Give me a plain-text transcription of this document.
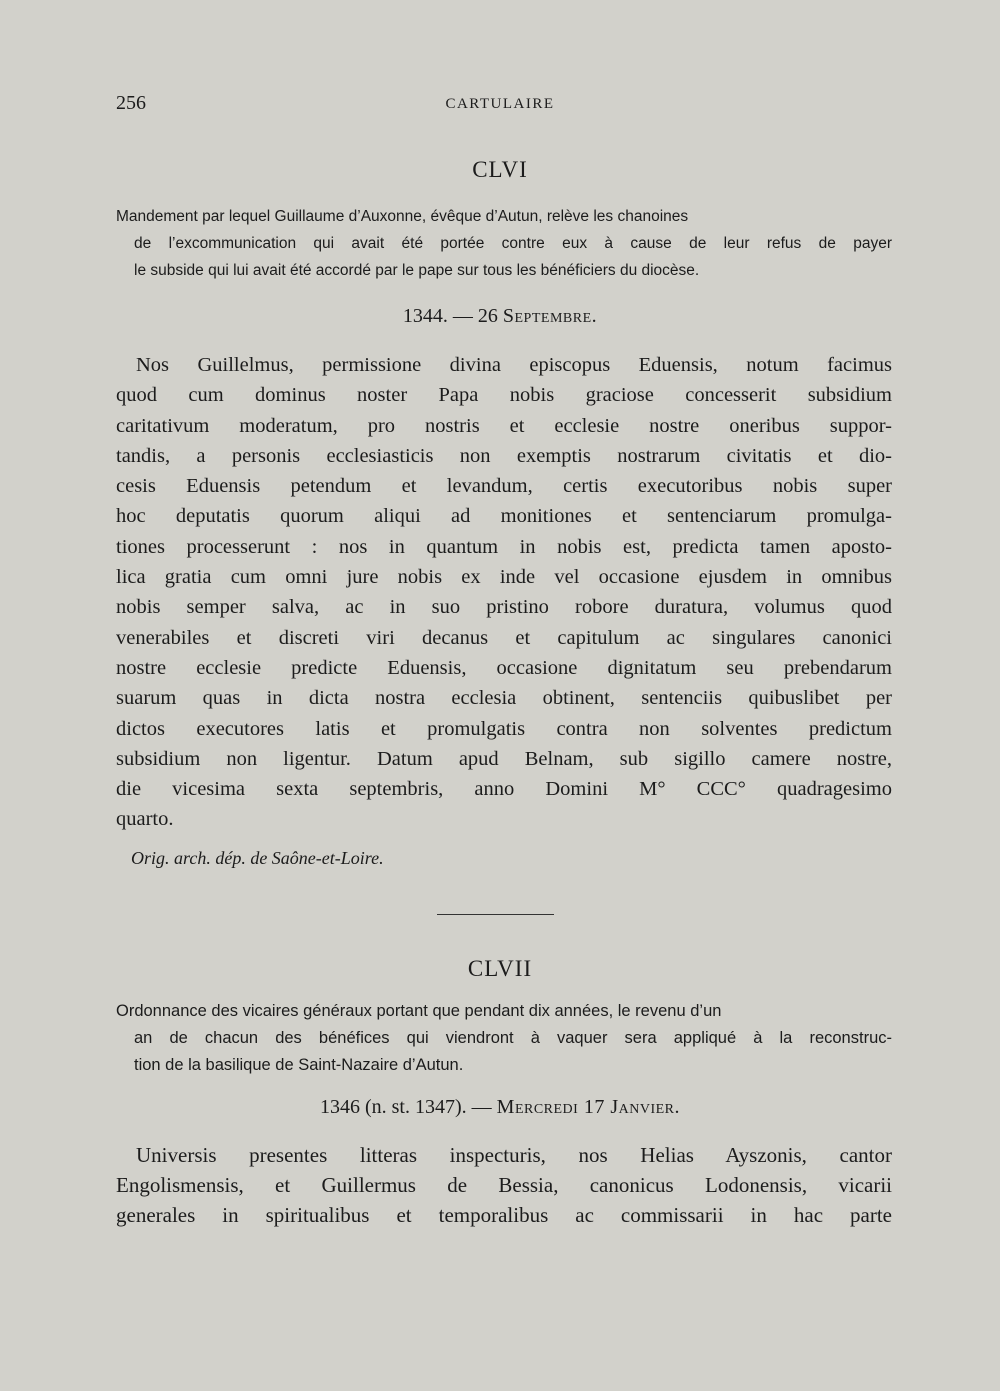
256	CARTULAIRE
CLVI
Mandement par lequel Guillaume d’Auxonne, évêque d’Autun, relève les chanoines
de l’excommunication qui avait été portée contre eux à cause de leur refus de payer
le subside qui lui avait été accordé par le pape sur tous les bénéficiers du diocèse.
1344. — 26 Septembre.
Nos Guillelmus, permissione divina episcopus Eduensis, notum facimus
quod cum dominus noster Papa nobis graciose concesserit subsidium
caritativum moderatum, pro nostris et ecclesie nostre oneribus suppor-
tandis, a personis ecclesiasticis non exemptis nostrarum civitatis et dio-
cesis Eduensis petendum et levandum, certis executoribus nobis super
hoc deputatis quorum aliqui ad monitiones et sentenciarum promulga-
tiones processerunt : nos in quantum in nobis est, predicta tamen aposto-
lica gratia cum omni jure nobis ex inde vel occasione ejusdem in omnibus
nobis semper salva, ac in suo pristino robore duratura, volumus quod
venerabiles et discreti viri decanus et capitulum ac singulares canonici
nostre ecclesie predicte Eduensis, occasione dignitatum seu prebendarum
suarum quas in dicta nostra ecclesia obtinent, sentenciis quibuslibet per
dictos executores latis et promulgatis contra non solventes predictum
subsidium non ligentur. Datum apud Belnam, sub sigillo camere nostre,
die vicesima sexta septembris, anno Domini M° CCC° quadragesimo
quarto.
Orig. arch. dép. de Saône-et-Loire.
CLVII
Ordonnance des vicaires généraux portant que pendant dix années, le revenu d’un
an de chacun des bénéfices qui viendront à vaquer sera appliqué à la reconstruc-
tion de la basilique de Saint-Nazaire d’Autun.
1346 (n. st. 1347). — Mercredi 17 Janvier.
Universis presentes litteras inspecturis, nos Helias Ayszonis, cantor
Engolismensis, et Guillermus de Bessia, canonicus Lodonensis, vicarii
generales in spiritualibus et temporalibus ac commissarii in hac parte
